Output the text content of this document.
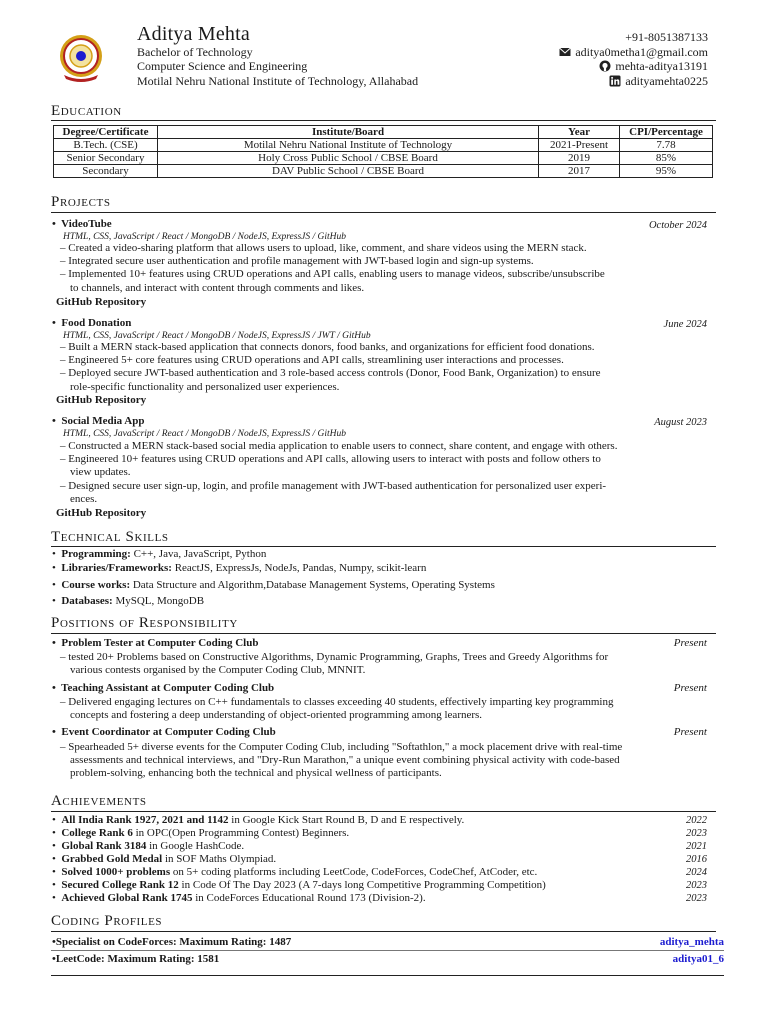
Aditya Mehta
Bachelor of Technology
Computer Science and Engineering
Motilal Nehru National Institute of Technology, Allahabad
+91-8051387133
aditya0metha1@gmail.com
mehta-aditya13191
adityamehta0225
Education
Degree/Certificate	Institute/Board	Year	CPI/Percentage
B.Tech. (CSE)	Motilal Nehru National Institute of Technology	2021-Present	7.78
Senior Secondary	Holy Cross Public School / CBSE Board	2019	85%
Secondary	DAV Public School / CBSE Board	2017	95%
Projects
•  VideoTube	October 2024
HTML, CSS, JavaScript / React / MongoDB / NodeJS, ExpressJS / GitHub
– Created a video-sharing platform that allows users to upload, like, comment, and share videos using the MERN stack.
– Integrated secure user authentication and profile management with JWT-based login and sign-up systems.
– Implemented 10+ features using CRUD operations and API calls, enabling users to manage videos, subscribe/unsubscribe
to channels, and interact with content through comments and likes.
GitHub Repository
•  Food Donation	June 2024
HTML, CSS, JavaScript / React / MongoDB / NodeJS, ExpressJS / JWT / GitHub
– Built a MERN stack-based application that connects donors, food banks, and organizations for efficient food donations.
– Engineered 5+ core features using CRUD operations and API calls, streamlining user interactions and processes.
– Deployed secure JWT-based authentication and 3 role-based access controls (Donor, Food Bank, Organization) to ensure
role-specific functionality and personalized user experiences.
GitHub Repository
•  Social Media App	August 2023
HTML, CSS, JavaScript / React / MongoDB / NodeJS, ExpressJS / GitHub
– Constructed a MERN stack-based social media application to enable users to connect, share content, and engage with others.
– Engineered 10+ features using CRUD operations and API calls, allowing users to interact with posts and follow others to
view updates.
– Designed secure user sign-up, login, and profile management with JWT-based authentication for personalized user experi-
ences.
GitHub Repository
Technical Skills
•  Programming: C++, Java, JavaScript, Python
•  Libraries/Frameworks: ReactJS, ExpressJs, NodeJs, Pandas, Numpy, scikit-learn
•  Course works: Data Structure and Algorithm,Database Management Systems, Operating Systems
•  Databases: MySQL, MongoDB
Positions of Responsibility
•  Problem Tester at Computer Coding Club	Present
– tested 20+ Problems based on Constructive Algorithms, Dynamic Programming, Graphs, Trees and Greedy Algorithms for
various contests organised by the Computer Coding Club, MNNIT.
•  Teaching Assistant at Computer Coding Club	Present
– Delivered engaging lectures on C++ fundamentals to classes exceeding 40 students, effectively imparting key programming
concepts and fostering a deep understanding of object-oriented programming among learners.
•  Event Coordinator at Computer Coding Club	Present
– Spearheaded 5+ diverse events for the Computer Coding Club, including "Softathlon," a mock placement drive with real-time
assessments and technical interviews, and "Dry-Run Marathon," a unique event combining physical activity with code-based
problem-solving, enhancing both the technical and physical wellness of participants.
Achievements
•  All India Rank 1927, 2021 and 1142 in Google Kick Start Round B, D and E respectively.	2022
•  College Rank 6 in OPC(Open Programming Contest) Beginners.	2023
•  Global Rank 3184 in Google HashCode.	2021
•  Grabbed Gold Medal in SOF Maths Olympiad.	2016
•  Solved 1000+ problems on 5+ coding platforms including LeetCode, CodeForces, CodeChef, AtCoder, etc.	2024
•  Secured College Rank 12 in Code Of The Day 2023 (A 7-days long Competitive Programming Competition)	2023
•  Achieved Global Rank 1745 in CodeForces Educational Round 173 (Division-2).	2023
Coding Profiles
•Specialist on CodeForces: Maximum Rating: 1487	aditya_mehta
•LeetCode: Maximum Rating: 1581	aditya01_6
